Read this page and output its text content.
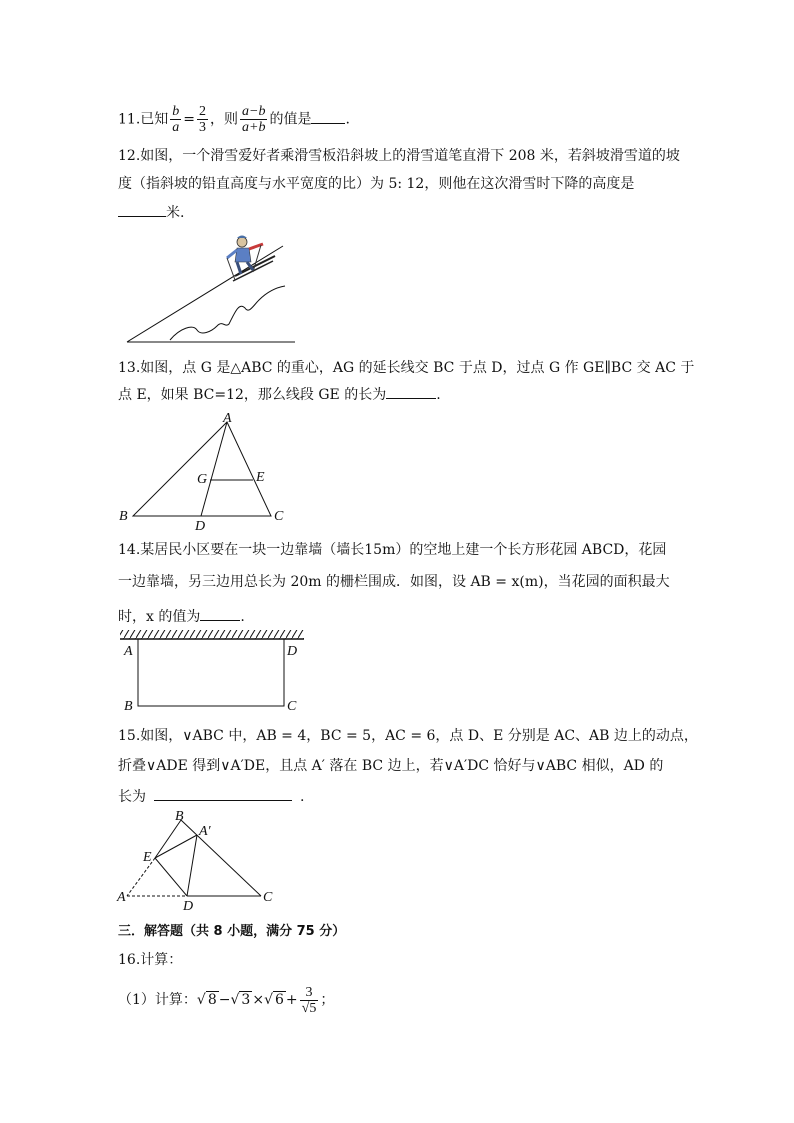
11.已知 $\frac{b}{a} = \frac{2}{3}$ ，则 $\frac{a-b}{a+b}$ 的值是 .
12.如图，一个滑雪爱好者乘滑雪板沿斜坡上的滑雪道笔直滑下 208 米，若斜坡滑雪道的坡
度（指斜坡的铅直高度与水平宽度的比）为 5: 12，则他在这次滑雪时下降的高度是
米.
13.如图，点 G 是△ABC 的重心，AG 的延长线交 BC 于点 D，过点 G 作 GE∥BC 交 AC 于
点 E，如果 BC=12，那么线段 GE 的长为	.
A
G	E
B
D
C
14.某居民小区要在一块一边靠墙（墙长15m）的空地上建一个长方形花园 ABCD，花园
一边靠墙，另三边用总长为 20m 的栅栏围成．如图，设 AB = x(m)，当花园的面积最大
时，x 的值为	.
A	D
B	C
15.如图，∨ABC 中，AB = 4，BC = 5，AC = 6，点 D、E 分别是 AC、AB 边上的动点，
折叠∨ADE 得到∨A′DE，且点 A′ 落在 BC 边上，若∨A′DC 恰好与∨ABC 相似，AD 的
长为	.
B
A′
E
A
D
C
三．解答题（共 8 小题，满分 75 分）
16.计算：
（1）计算：√ 8 −√ 3 ×√ $6 + \frac{3}{√5}$ ；
